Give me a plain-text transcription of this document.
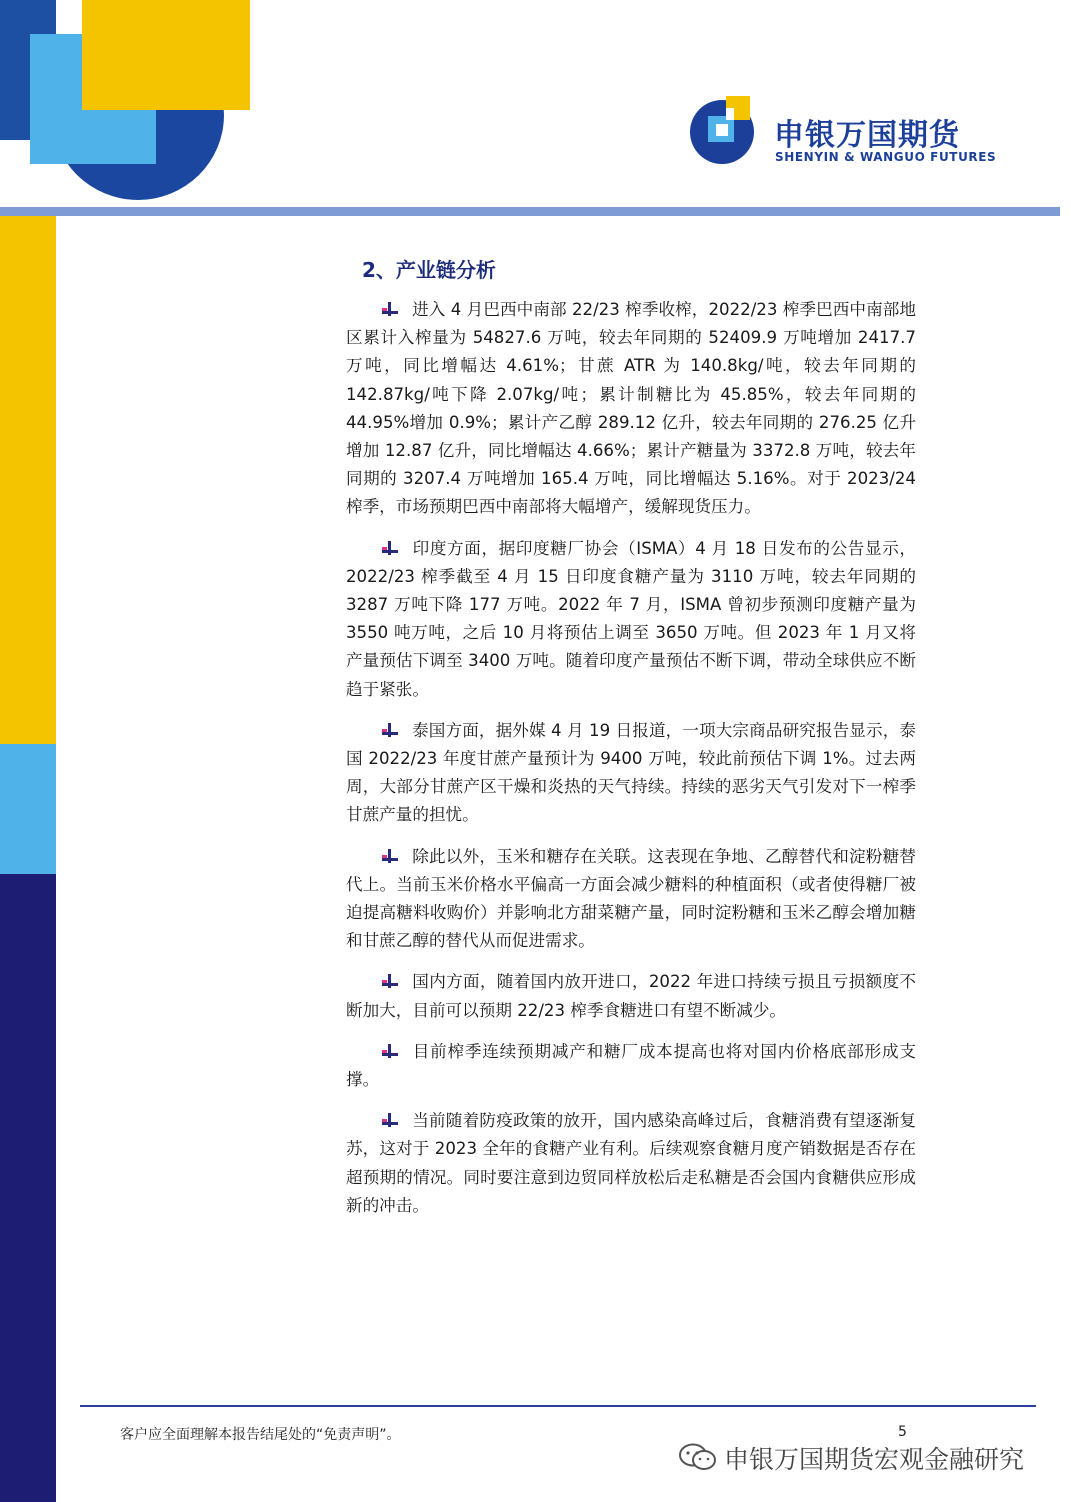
申银万国期货
SHENYIN & WANGUO FUTURES
2、产业链分析

进入 4 月巴西中南部 22/23 榨季收榨，2022/23 榨季巴西中南部地区累计入榨量为 54827.6 万吨，较去年同期的 52409.9 万吨增加 2417.7 万吨，同比增幅达 4.61%；甘蔗 ATR 为 140.8kg/吨，较去年同期的 142.87kg/吨下降 2.07kg/吨；累计制糖比为 45.85%，较去年同期的 44.95%增加 0.9%；累计产乙醇 289.12 亿升，较去年同期的 276.25 亿升增加 12.87 亿升，同比增幅达 4.66%；累计产糖量为 3372.8 万吨，较去年同期的 3207.4 万吨增加 165.4 万吨，同比增幅达 5.16%。对于 2023/24 榨季，市场预期巴西中南部将大幅增产，缓解现货压力。

印度方面，据印度糖厂协会（ISMA）4 月 18 日发布的公告显示，2022/23 榨季截至 4 月 15 日印度食糖产量为 3110 万吨，较去年同期的 3287 万吨下降 177 万吨。2022 年 7 月，ISMA 曾初步预测印度糖产量为 3550 吨万吨，之后 10 月将预估上调至 3650 万吨。但 2023 年 1 月又将产量预估下调至 3400 万吨。随着印度产量预估不断下调，带动全球供应不断趋于紧张。

泰国方面，据外媒 4 月 19 日报道，一项大宗商品研究报告显示，泰国 2022/23 年度甘蔗产量预计为 9400 万吨，较此前预估下调 1%。过去两周，大部分甘蔗产区干燥和炎热的天气持续。持续的恶劣天气引发对下一榨季甘蔗产量的担忧。

除此以外，玉米和糖存在关联。这表现在争地、乙醇替代和淀粉糖替代上。当前玉米价格水平偏高一方面会减少糖料的种植面积（或者使得糖厂被迫提高糖料收购价）并影响北方甜菜糖产量，同时淀粉糖和玉米乙醇会增加糖和甘蔗乙醇的替代从而促进需求。

国内方面，随着国内放开进口，2022 年进口持续亏损且亏损额度不断加大，目前可以预期 22/23 榨季食糖进口有望不断减少。

目前榨季连续预期减产和糖厂成本提高也将对国内价格底部形成支撑。

当前随着防疫政策的放开，国内感染高峰过后，食糖消费有望逐渐复苏，这对于 2023 全年的食糖产业有利。后续观察食糖月度产销数据是否存在超预期的情况。同时要注意到边贸同样放松后走私糖是否会国内食糖供应形成新的冲击。

客户应全面理解本报告结尾处的“免责声明”。	5
申银万国期货宏观金融研究
